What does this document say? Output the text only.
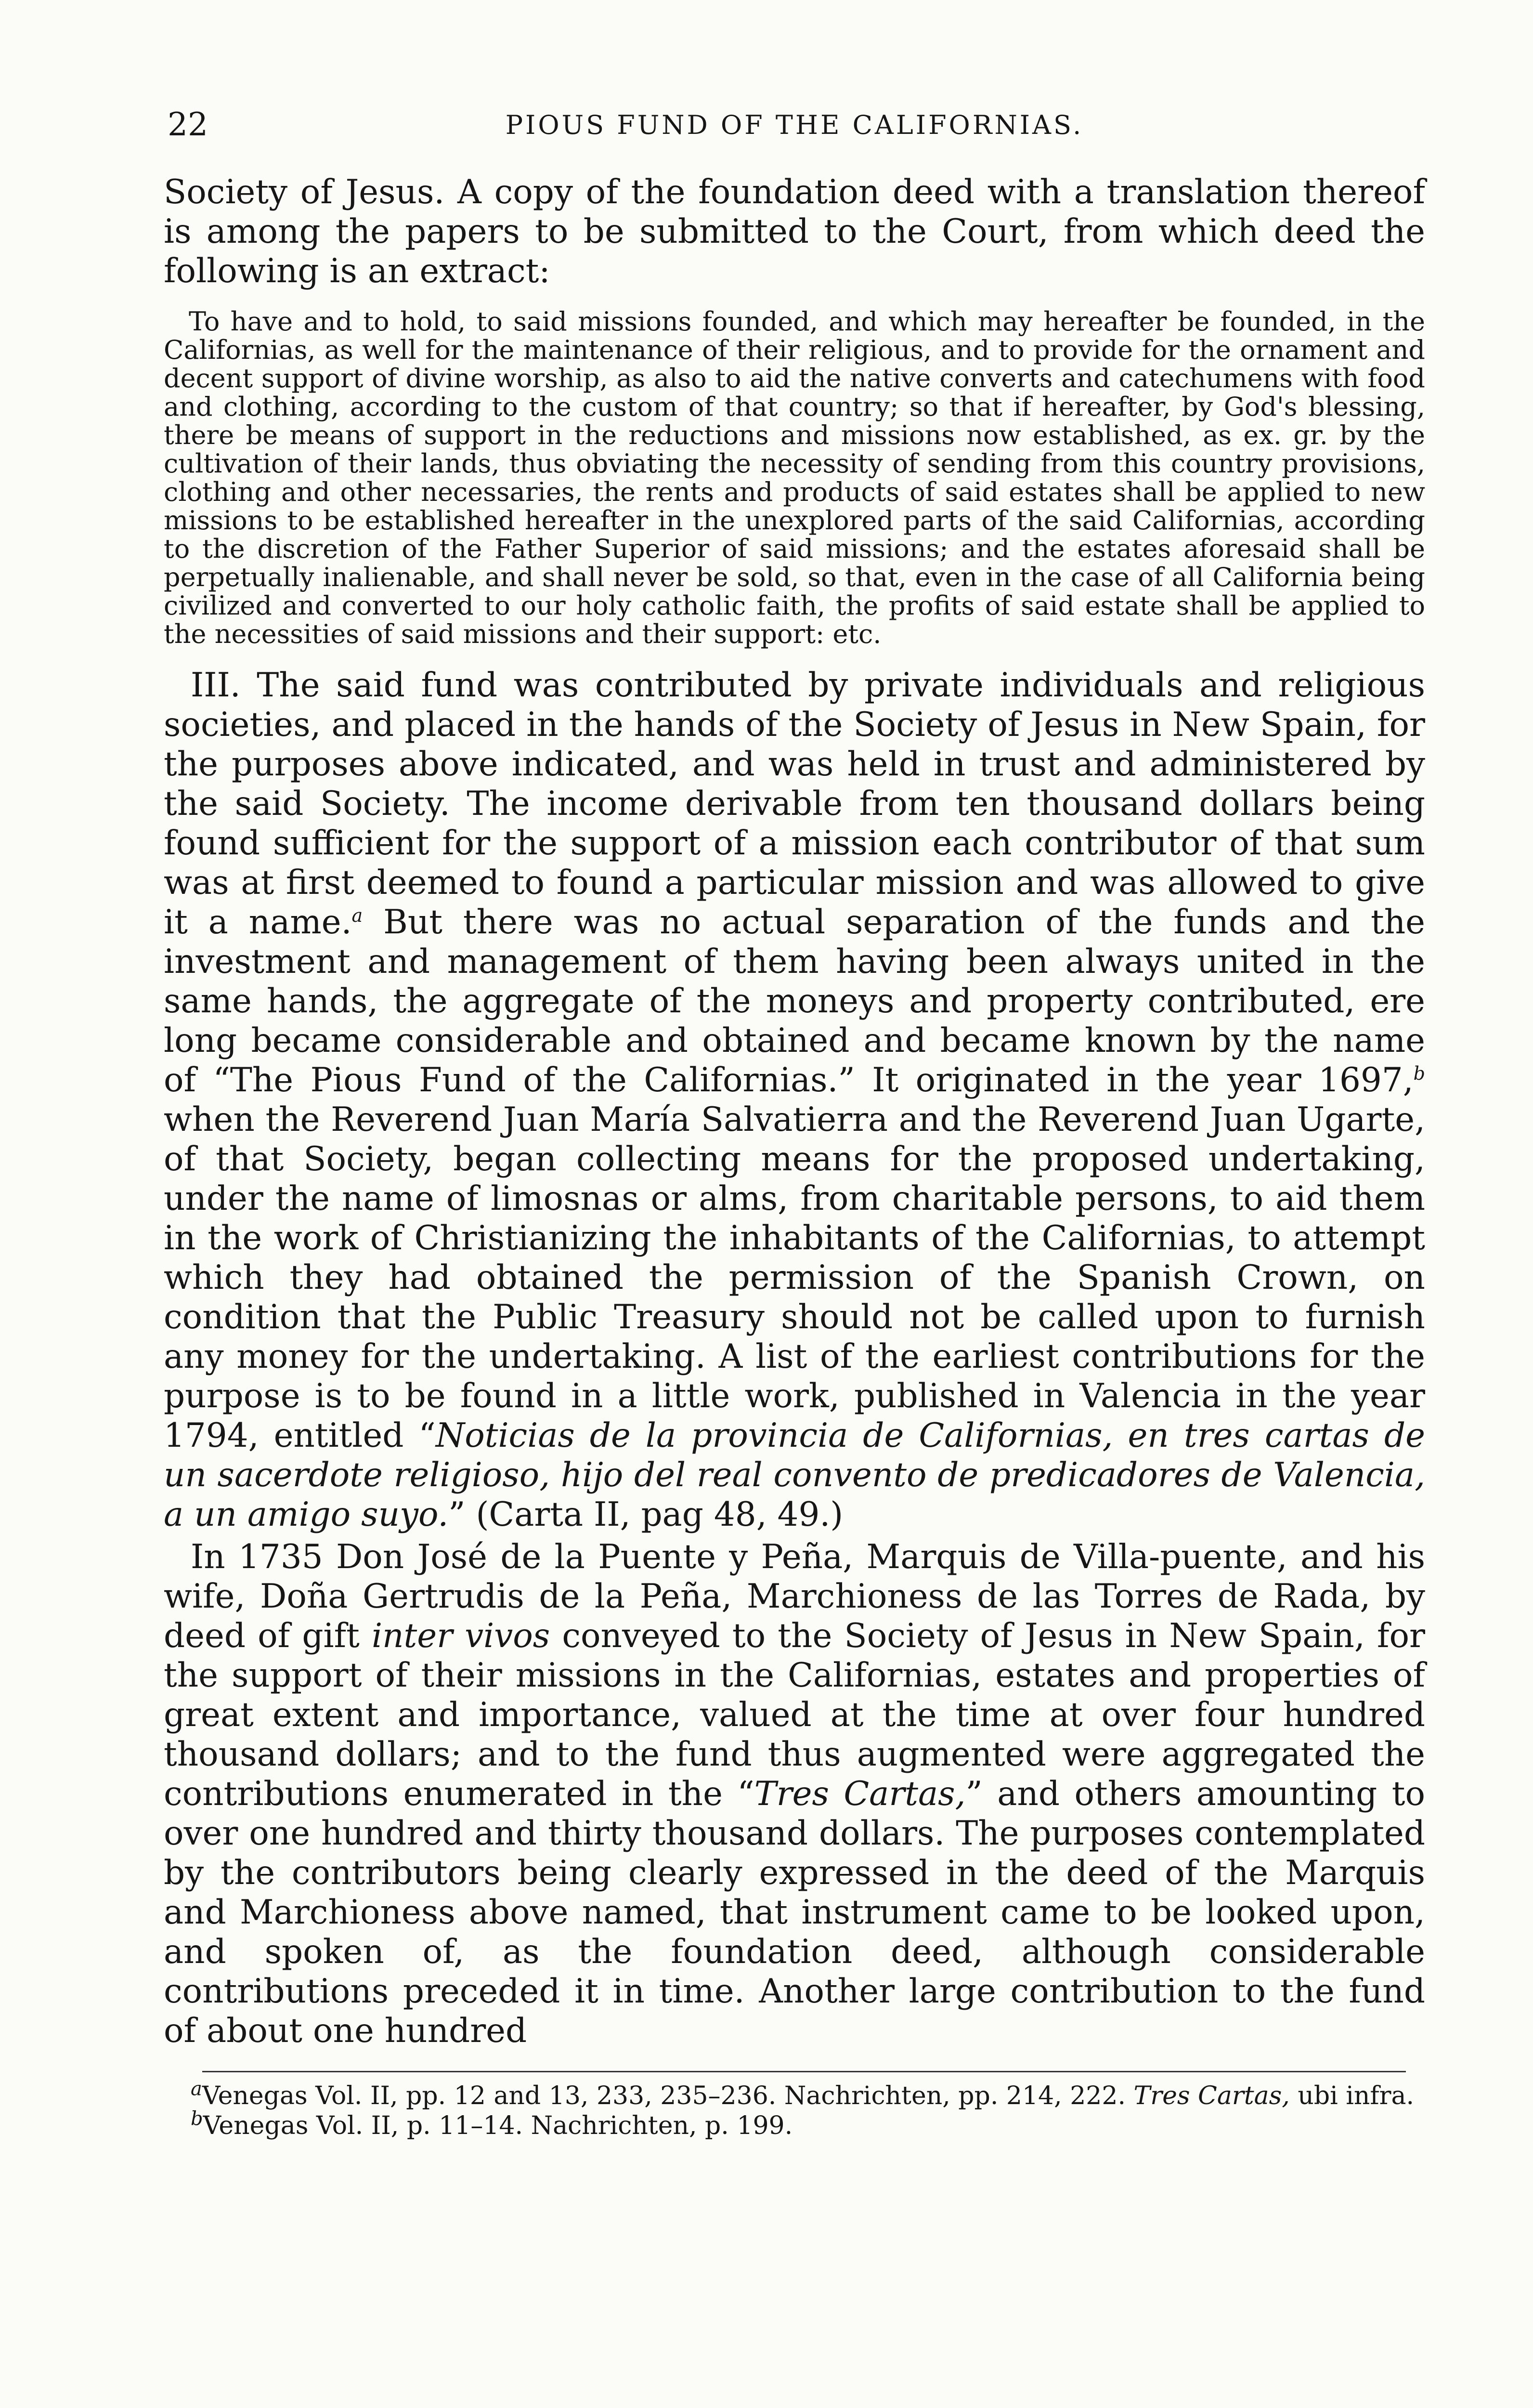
22	PIOUS FUND OF THE CALIFORNIAS.

Society of Jesus. A copy of the foundation deed with a translation thereof is among the papers to be submitted to the Court, from which deed the following is an extract:

To have and to hold, to said missions founded, and which may hereafter be founded, in the Californias, as well for the maintenance of their religious, and to provide for the ornament and decent support of divine worship, as also to aid the native converts and catechumens with food and clothing, according to the custom of that country; so that if hereafter, by God's blessing, there be means of support in the reductions and missions now established, as ex. gr. by the cultivation of their lands, thus obviating the necessity of sending from this country provisions, clothing and other necessaries, the rents and products of said estates shall be applied to new missions to be established hereafter in the unexplored parts of the said Californias, according to the discretion of the Father Superior of said missions; and the estates aforesaid shall be perpetually inalienable, and shall never be sold, so that, even in the case of all California being civilized and converted to our holy catholic faith, the profits of said estate shall be applied to the necessities of said missions and their support: etc.

III. The said fund was contributed by private individuals and religious societies, and placed in the hands of the Society of Jesus in New Spain, for the purposes above indicated, and was held in trust and administered by the said Society. The income derivable from ten thousand dollars being found sufficient for the support of a mission each contributor of that sum was at first deemed to found a particular mission and was allowed to give it a name.$^a$ But there was no actual separation of the funds and the investment and management of them having been always united in the same hands, the aggregate of the moneys and property contributed, ere long became considerable and obtained and became known by the name of “The Pious Fund of the Californias.” It originated in the year 1697,$^b$ when the Reverend Juan María Salvatierra and the Reverend Juan Ugarte, of that Society, began collecting means for the proposed undertaking, under the name of limosnas or alms, from charitable persons, to aid them in the work of Christianizing the inhabitants of the Californias, to attempt which they had obtained the permission of the Spanish Crown, on condition that the Public Treasury should not be called upon to furnish any money for the undertaking. A list of the earliest contributions for the purpose is to be found in a little work, published in Valencia in the year 1794, entitled “Noticias de la provincia de Californias, en tres cartas de un sacerdote religioso, hijo del real convento de predicadores de Valencia, a un amigo suyo.” (Carta II, pag 48, 49.)

In 1735 Don José de la Puente y Peña, Marquis de Villa-puente, and his wife, Doña Gertrudis de la Peña, Marchioness de las Torres de Rada, by deed of gift inter vivos conveyed to the Society of Jesus in New Spain, for the support of their missions in the Californias, estates and properties of great extent and importance, valued at the time at over four hundred thousand dollars; and to the fund thus augmented were aggregated the contributions enumerated in the “Tres Cartas,” and others amounting to over one hundred and thirty thousand dollars. The purposes contemplated by the contributors being clearly expressed in the deed of the Marquis and Marchioness above named, that instrument came to be looked upon, and spoken of, as the foundation deed, although considerable contributions preceded it in time. Another large contribution to the fund of about one hundred

$^a$Venegas Vol. II, pp. 12 and 13, 233, 235–236. Nachrichten, pp. 214, 222. Tres Cartas, ubi infra.

$^b$Venegas Vol. II, p. 11–14. Nachrichten, p. 199.
